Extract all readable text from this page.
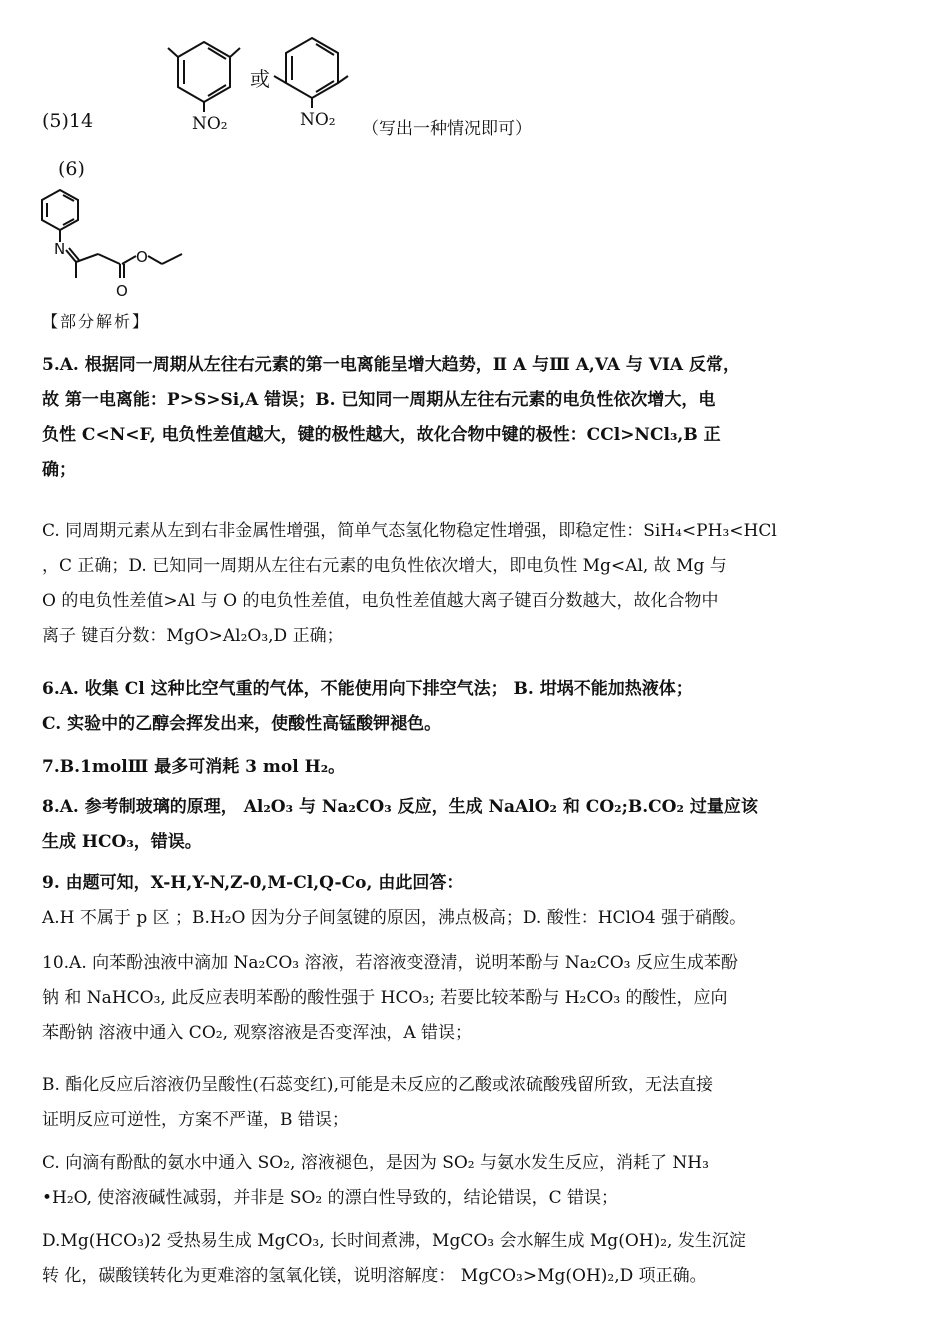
(5)14
或
NO₂	NO₂ （写出一种情况即可）
(6)
N	O
O
【部分解析】
5.A. 根据同一周期从左往右元素的第一电离能呈增大趋势，Ⅱ A 与Ⅲ A,VA 与 VIA 反常，
故 第一电离能：P>S>Si,A 错误；B. 已知同一周期从左往右元素的电负性依次增大，电
负性 C<N<F, 电负性差值越大，键的极性越大，故化合物中键的极性：CCl>NCl₃,B 正
确；
C. 同周期元素从左到右非金属性增强，简单气态氢化物稳定性增强，即稳定性：SiH₄<PH₃<HCl
，C 正确；D. 已知同一周期从左往右元素的电负性依次增大，即电负性 Mg<Al, 故 Mg 与
O 的电负性差值>Al 与 O 的电负性差值，电负性差值越大离子键百分数越大，故化合物中
离子 键百分数：MgO>Al₂O₃,D 正确；
6.A. 收集 Cl 这种比空气重的气体，不能使用向下排空气法； B. 坩埚不能加热液体；
C. 实验中的乙醇会挥发出来，使酸性高锰酸钾褪色。
7.B.1molⅢ 最多可消耗 3 mol H₂。
8.A. 参考制玻璃的原理， Al₂O₃ 与 Na₂CO₃ 反应，生成 NaAlO₂ 和 CO₂;B.CO₂ 过量应该
生成 HCO₃，错误。
9. 由题可知，X-H,Y-N,Z-0,M-Cl,Q-Co, 由此回答：
A.H 不属于 p 区 ；B.H₂O 因为分子间氢键的原因，沸点极高；D. 酸性：HClO4 强于硝酸。
10.A. 向苯酚浊液中滴加 Na₂CO₃ 溶液，若溶液变澄清，说明苯酚与 Na₂CO₃ 反应生成苯酚
钠 和 NaHCO₃, 此反应表明苯酚的酸性强于 HCO₃; 若要比较苯酚与 H₂CO₃ 的酸性，应向
苯酚钠 溶液中通入 CO₂, 观察溶液是否变浑浊，A 错误；
B. 酯化反应后溶液仍呈酸性(石蕊变红),可能是未反应的乙酸或浓硫酸残留所致，无法直接
证明反应可逆性，方案不严谨，B 错误；
C. 向滴有酚酞的氨水中通入 SO₂, 溶液褪色，是因为 SO₂ 与氨水发生反应，消耗了 NH₃
•H₂O, 使溶液碱性减弱，并非是 SO₂ 的漂白性导致的，结论错误，C 错误；
D.Mg(HCO₃)2 受热易生成 MgCO₃, 长时间煮沸，MgCO₃ 会水解生成 Mg(OH)₂, 发生沉淀
转 化，碳酸镁转化为更难溶的氢氧化镁，说明溶解度： MgCO₃>Mg(OH)₂,D 项正确。
